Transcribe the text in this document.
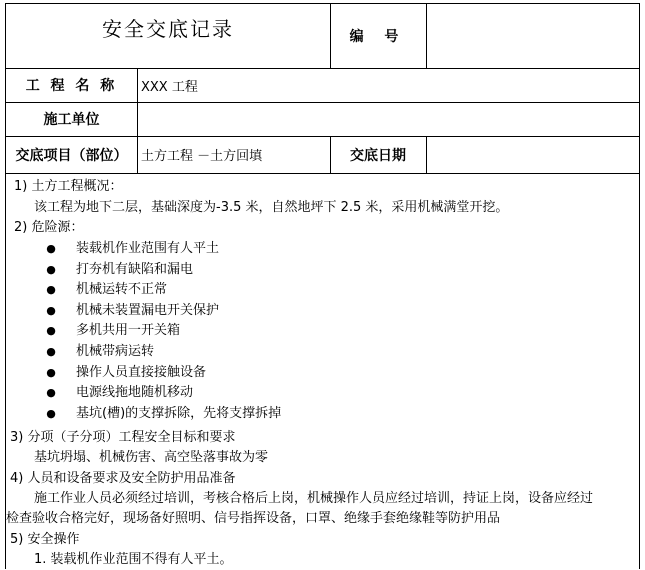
安全交底记录	编 号
工 程 名 称	XXX 工程
施工单位
交底项目（部位）	土方工程 －土方回填	交底日期
1) 土方工程概况：
该工程为地下二层，基础深度为-3.5 米，自然地坪下 2.5 米，采用机械满堂开挖。
2) 危险源：
● 装载机作业范围有人平土
● 打夯机有缺陷和漏电
● 机械运转不正常
● 机械未装置漏电开关保护
● 多机共用一开关箱
● 机械带病运转
● 操作人员直接接触设备
● 电源线拖地随机移动
● 基坑(槽)的支撑拆除，先将支撑拆掉
3) 分项（子分项）工程安全目标和要求
基坑坍塌、机械伤害、高空坠落事故为零
4) 人员和设备要求及安全防护用品准备
施工作业人员必须经过培训，考核合格后上岗，机械操作人员应经过培训，持证上岗，设备应经过
检查验收合格完好，现场备好照明、信号指挥设备，口罩、绝缘手套绝缘鞋等防护用品
5) 安全操作
1. 装载机作业范围不得有人平土。
